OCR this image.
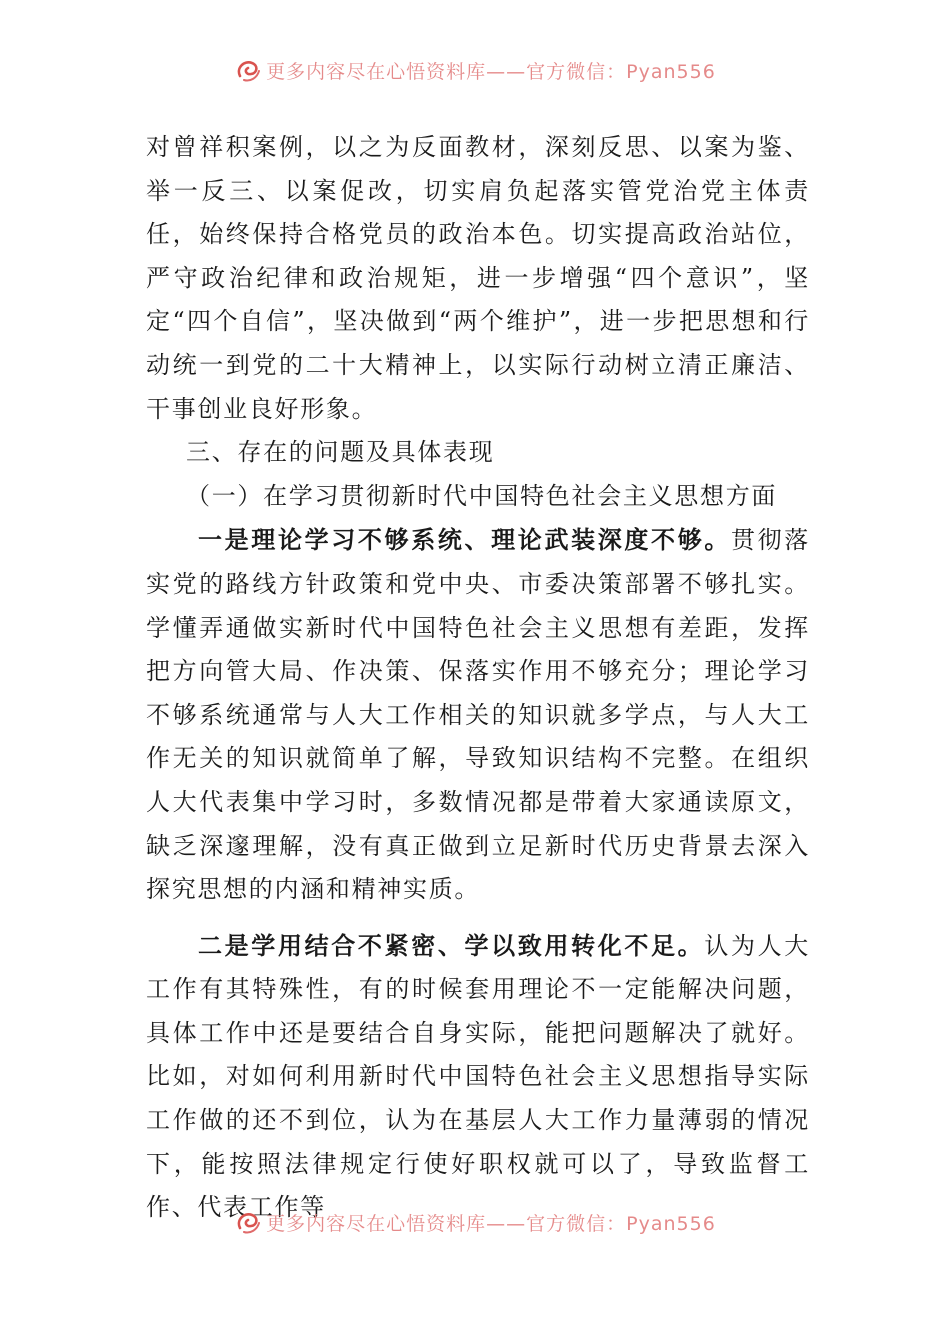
更多内容尽在心悟资料库——官方微信：Pyan556

对曾祥积案例，以之为反面教材，深刻反思、以案为鉴、举一反三、以案促改，切实肩负起落实管党治党主体责任，始终保持合格党员的政治本色。切实提高政治站位，严守政治纪律和政治规矩，进一步增强“四个意识”，坚定“四个自信”，坚决做到“两个维护”，进一步把思想和行动统一到党的二十大精神上，以实际行动树立清正廉洁、干事创业良好形象。

三、存在的问题及具体表现

（一）在学习贯彻新时代中国特色社会主义思想方面

一是理论学习不够系统、理论武装深度不够。贯彻落实党的路线方针政策和党中央、市委决策部署不够扎实。学懂弄通做实新时代中国特色社会主义思想有差距，发挥把方向管大局、作决策、保落实作用不够充分；理论学习不够系统通常与人大工作相关的知识就多学点，与人大工作无关的知识就简单了解，导致知识结构不完整。在组织人大代表集中学习时，多数情况都是带着大家通读原文，缺乏深邃理解，没有真正做到立足新时代历史背景去深入探究思想的内涵和精神实质。

二是学用结合不紧密、学以致用转化不足。认为人大工作有其特殊性，有的时候套用理论不一定能解决问题，具体工作中还是要结合自身实际，能把问题解决了就好。比如，对如何利用新时代中国特色社会主义思想指导实际工作做的还不到位，认为在基层人大工作力量薄弱的情况下，能按照法律规定行使好职权就可以了，导致监督工作、代表工作等

更多内容尽在心悟资料库——官方微信：Pyan556
